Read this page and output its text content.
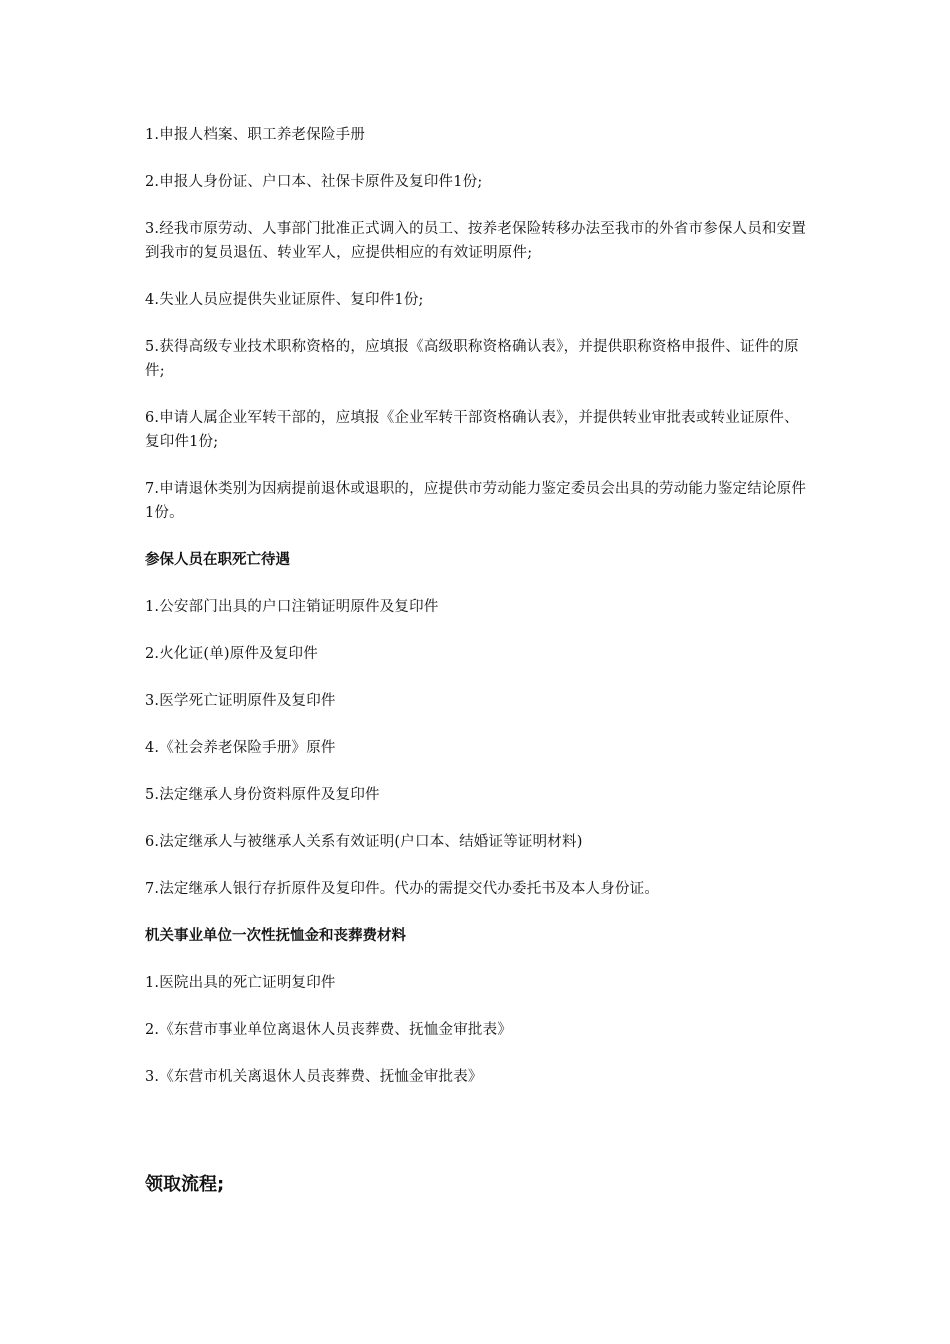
1.申报人档案、职工养老保险手册

2.申报人身份证、户口本、社保卡原件及复印件1份;

3.经我市原劳动、人事部门批准正式调入的员工、按养老保险转移办法至我市的外省市参保人员和安置到我市的复员退伍、转业军人，应提供相应的有效证明原件;

4.失业人员应提供失业证原件、复印件1份;

5.获得高级专业技术职称资格的，应填报《高级职称资格确认表》，并提供职称资格申报件、证件的原件;

6.申请人属企业军转干部的，应填报《企业军转干部资格确认表》，并提供转业审批表或转业证原件、复印件1份;

7.申请退休类别为因病提前退休或退职的，应提供市劳动能力鉴定委员会出具的劳动能力鉴定结论原件1份。

参保人员在职死亡待遇

1.公安部门出具的户口注销证明原件及复印件

2.火化证(单)原件及复印件

3.医学死亡证明原件及复印件

4.《社会养老保险手册》原件

5.法定继承人身份资料原件及复印件

6.法定继承人与被继承人关系有效证明(户口本、结婚证等证明材料)

7.法定继承人银行存折原件及复印件。代办的需提交代办委托书及本人身份证。

机关事业单位一次性抚恤金和丧葬费材料

1.医院出具的死亡证明复印件

2.《东营市事业单位离退休人员丧葬费、抚恤金审批表》

3.《东营市机关离退休人员丧葬费、抚恤金审批表》

领取流程;
